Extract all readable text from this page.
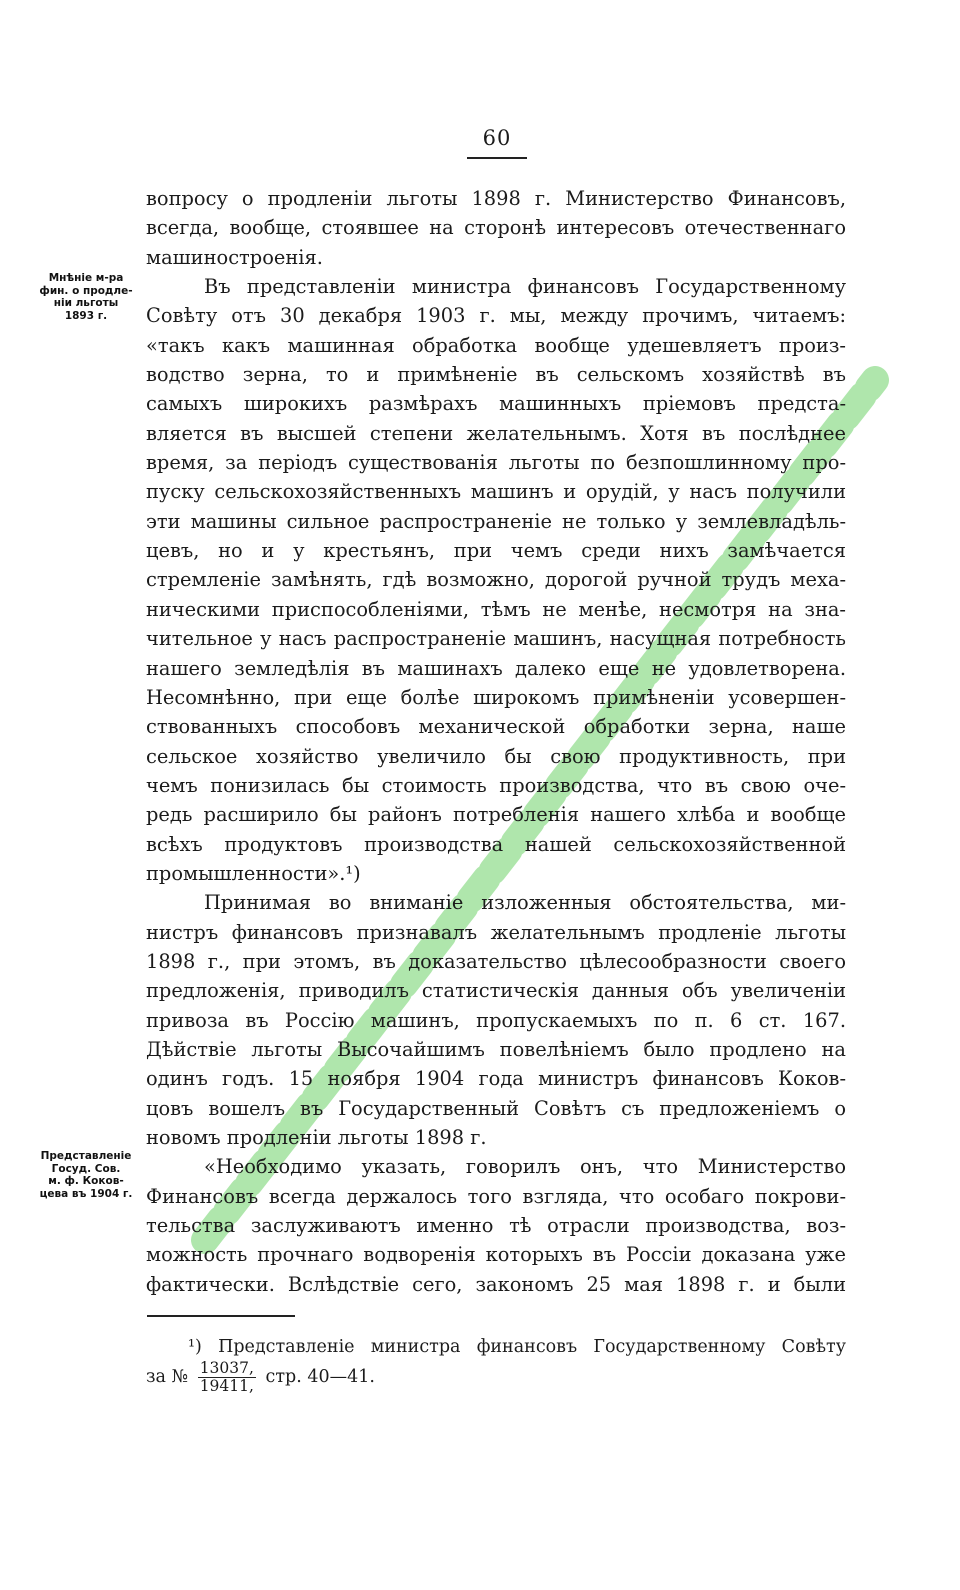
60
Мнѣніе м-ра
фин. о продле-
ніи льготы
1893 г.
Представленіе
Госуд. Сов.
м. ф. Коков-
цева въ 1904 г.
вопросу о продленіи льготы 1898 г. Министерство Финансовъ,
всегда, вообще, стоявшее на сторонѣ интересовъ отечественнаго
машиностроенія.
Въ представленіи министра финансовъ Государственному
Совѣту отъ 30 декабря 1903 г. мы, между прочимъ, читаемъ:
«такъ какъ машинная обработка вообще удешевляетъ произ-
водство зерна, то и примѣненіе въ сельскомъ хозяйствѣ въ
самыхъ широкихъ размѣрахъ машинныхъ пріемовъ предста-
вляется въ высшей степени желательнымъ. Хотя въ послѣднее
время, за періодъ существованія льготы по безпошлинному про-
пуску сельскохозяйственныхъ машинъ и орудій, у насъ получили
эти машины сильное распространеніе не только у землевладѣль-
цевъ, но и у крестьянъ, при чемъ среди нихъ замѣчается
стремленіе замѣнять, гдѣ возможно, дорогой ручной трудъ меха-
ническими приспособленіями, тѣмъ не менѣе, несмотря на зна-
чительное у насъ распространеніе машинъ, насущная потребность
нашего земледѣлія въ машинахъ далеко еще не удовлетворена.
Несомнѣнно, при еще болѣе широкомъ примѣненіи усовершен-
ствованныхъ способовъ механической обработки зерна, наше
сельское хозяйство увеличило бы свою продуктивность, при
чемъ понизилась бы стоимость производства, что въ свою оче-
редь расширило бы районъ потребленія нашего хлѣба и вообще
всѣхъ продуктовъ производства нашей сельскохозяйственной
промышленности».¹)
Принимая во вниманіе изложенныя обстоятельства, ми-
нистръ финансовъ признавалъ желательнымъ продленіе льготы
1898 г., при этомъ, въ доказательство цѣлесообразности своего
предложенія, приводилъ статистическія данныя объ увеличеніи
привоза въ Россію машинъ, пропускаемыхъ по п. 6 ст. 167.
Дѣйствіе льготы Высочайшимъ повелѣніемъ было продлено на
одинъ годъ. 15 ноября 1904 года министръ финансовъ Коков-
цовъ вошелъ въ Государственный Совѣтъ съ предложеніемъ о
новомъ продленіи льготы 1898 г.
«Необходимо указать, говорилъ онъ, что Министерство
Финансовъ всегда держалось того взгляда, что особаго покрови-
тельства заслуживаютъ именно тѣ отрасли производства, воз-
можность прочнаго водворенія которыхъ въ Россіи доказана уже
фактически. Вслѣдствіе сего, закономъ 25 мая 1898 г. и были
¹) Представленіе министра финансовъ Государственному Совѣту
за № $\frac{13037,}{19411,}$ стр. 40—41.
